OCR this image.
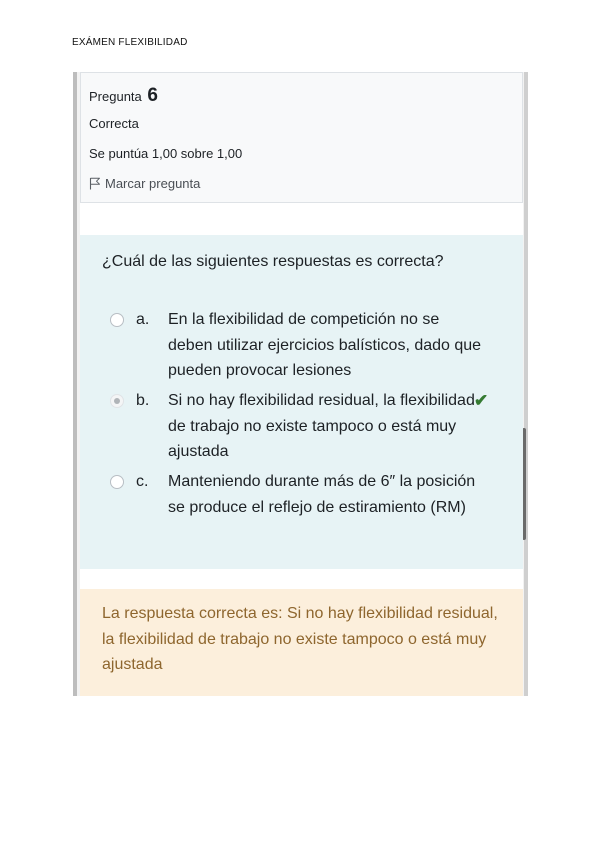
EXÁMEN FLEXIBILIDAD
Pregunta 6
Correcta
Se puntúa 1,00 sobre 1,00
Marcar pregunta
¿Cuál de las siguientes respuestas es correcta?
a. En la flexibilidad de competición no se deben utilizar ejercicios balísticos, dado que pueden provocar lesiones
b. Si no hay flexibilidad residual, la flexibilidad de trabajo no existe tampoco o está muy ajustada
✔
c. Manteniendo durante más de 6″ la posición se produce el reflejo de estiramiento (RM)
La respuesta correcta es: Si no hay flexibilidad residual, la flexibilidad de trabajo no existe tampoco o está muy ajustada
